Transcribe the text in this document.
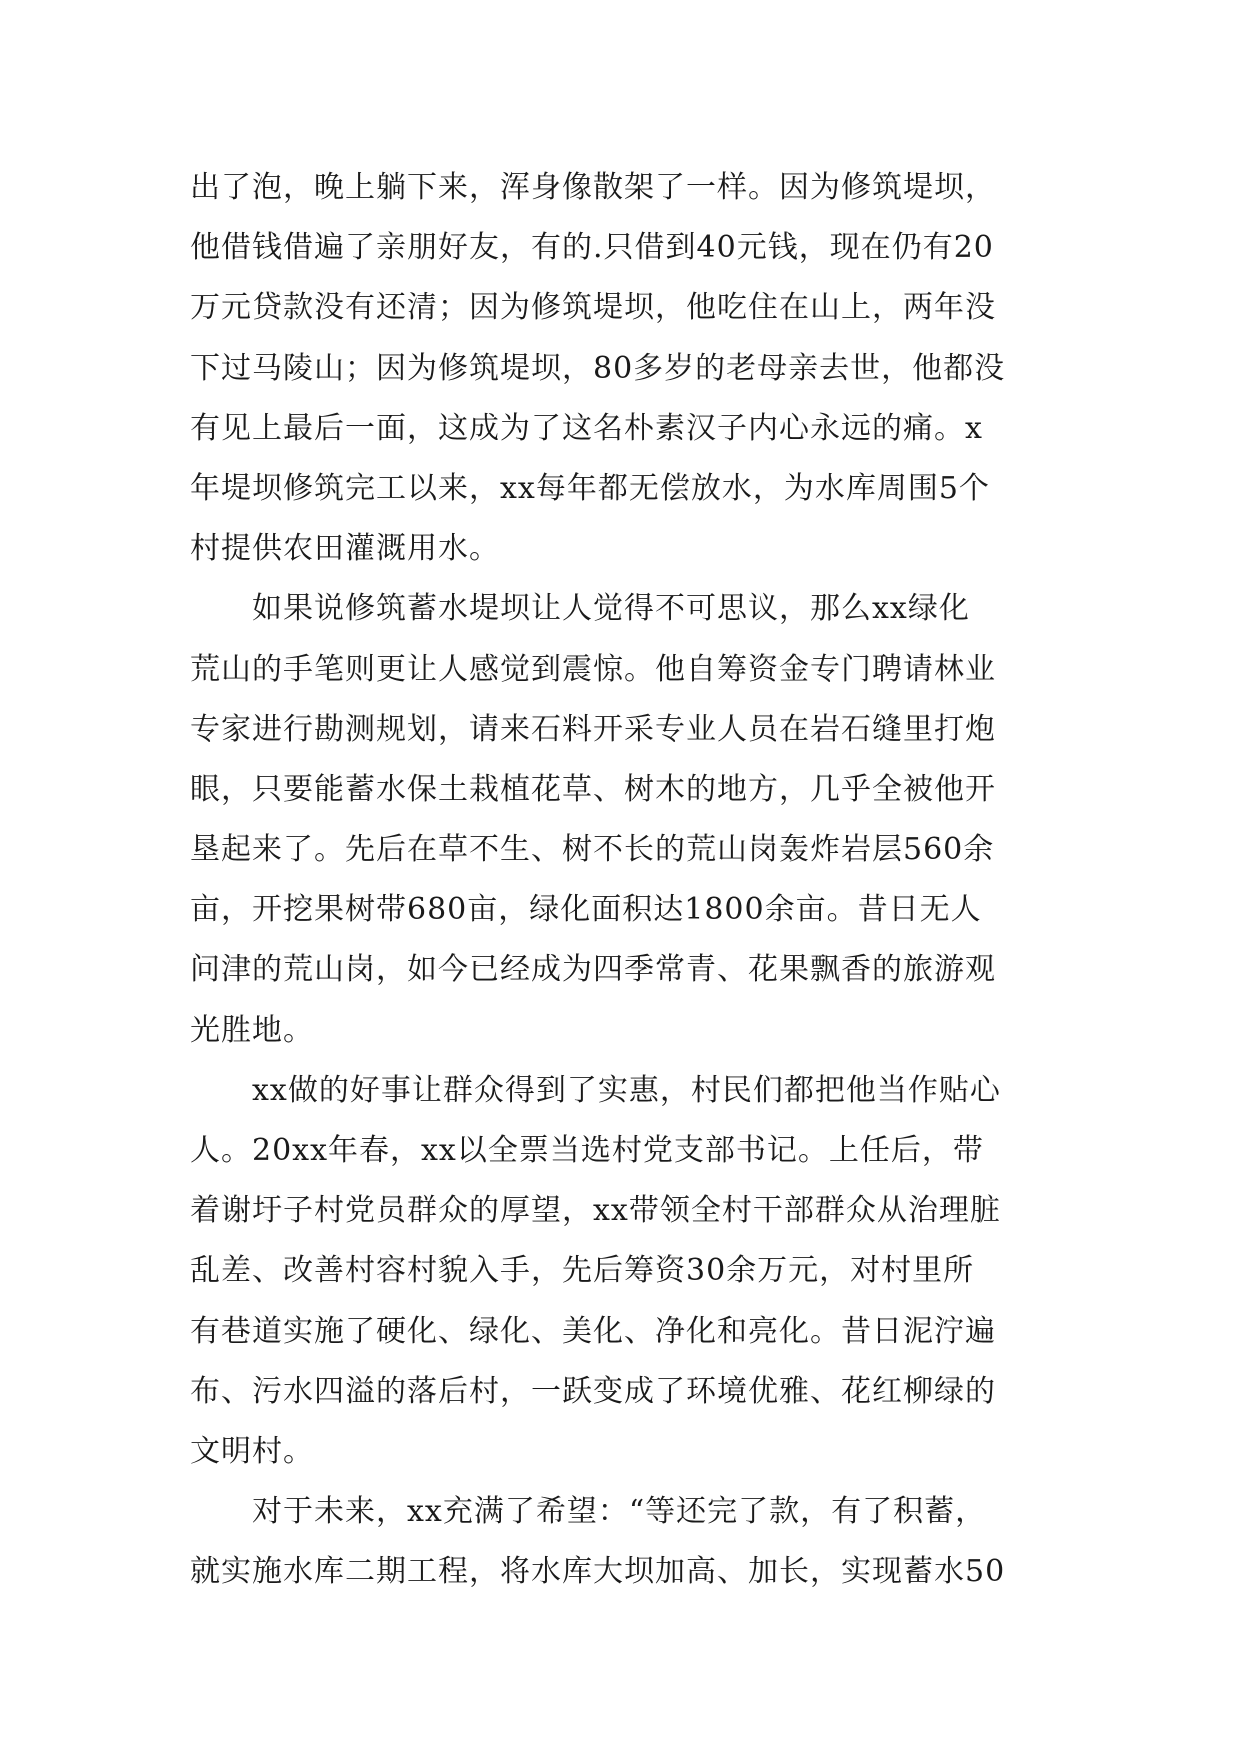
出了泡，晚上躺下来，浑身像散架了一样。因为修筑堤坝，
他借钱借遍了亲朋好友，有的.只借到40元钱，现在仍有20
万元贷款没有还清；因为修筑堤坝，他吃住在山上，两年没
下过马陵山；因为修筑堤坝，80多岁的老母亲去世，他都没
有见上最后一面，这成为了这名朴素汉子内心永远的痛。x
年堤坝修筑完工以来，xx每年都无偿放水，为水库周围5个
村提供农田灌溉用水。
如果说修筑蓄水堤坝让人觉得不可思议，那么xx绿化
荒山的手笔则更让人感觉到震惊。他自筹资金专门聘请林业
专家进行勘测规划，请来石料开采专业人员在岩石缝里打炮
眼，只要能蓄水保土栽植花草、树木的地方，几乎全被他开
垦起来了。先后在草不生、树不长的荒山岗轰炸岩层560余
亩，开挖果树带680亩，绿化面积达1800余亩。昔日无人
问津的荒山岗，如今已经成为四季常青、花果飘香的旅游观
光胜地。
xx做的好事让群众得到了实惠，村民们都把他当作贴心
人。20xx年春，xx以全票当选村党支部书记。上任后，带
着谢圩子村党员群众的厚望，xx带领全村干部群众从治理脏
乱差、改善村容村貌入手，先后筹资30余万元，对村里所
有巷道实施了硬化、绿化、美化、净化和亮化。昔日泥泞遍
布、污水四溢的落后村，一跃变成了环境优雅、花红柳绿的
文明村。
对于未来，xx充满了希望：“等还完了款，有了积蓄，
就实施水库二期工程，将水库大坝加高、加长，实现蓄水50
